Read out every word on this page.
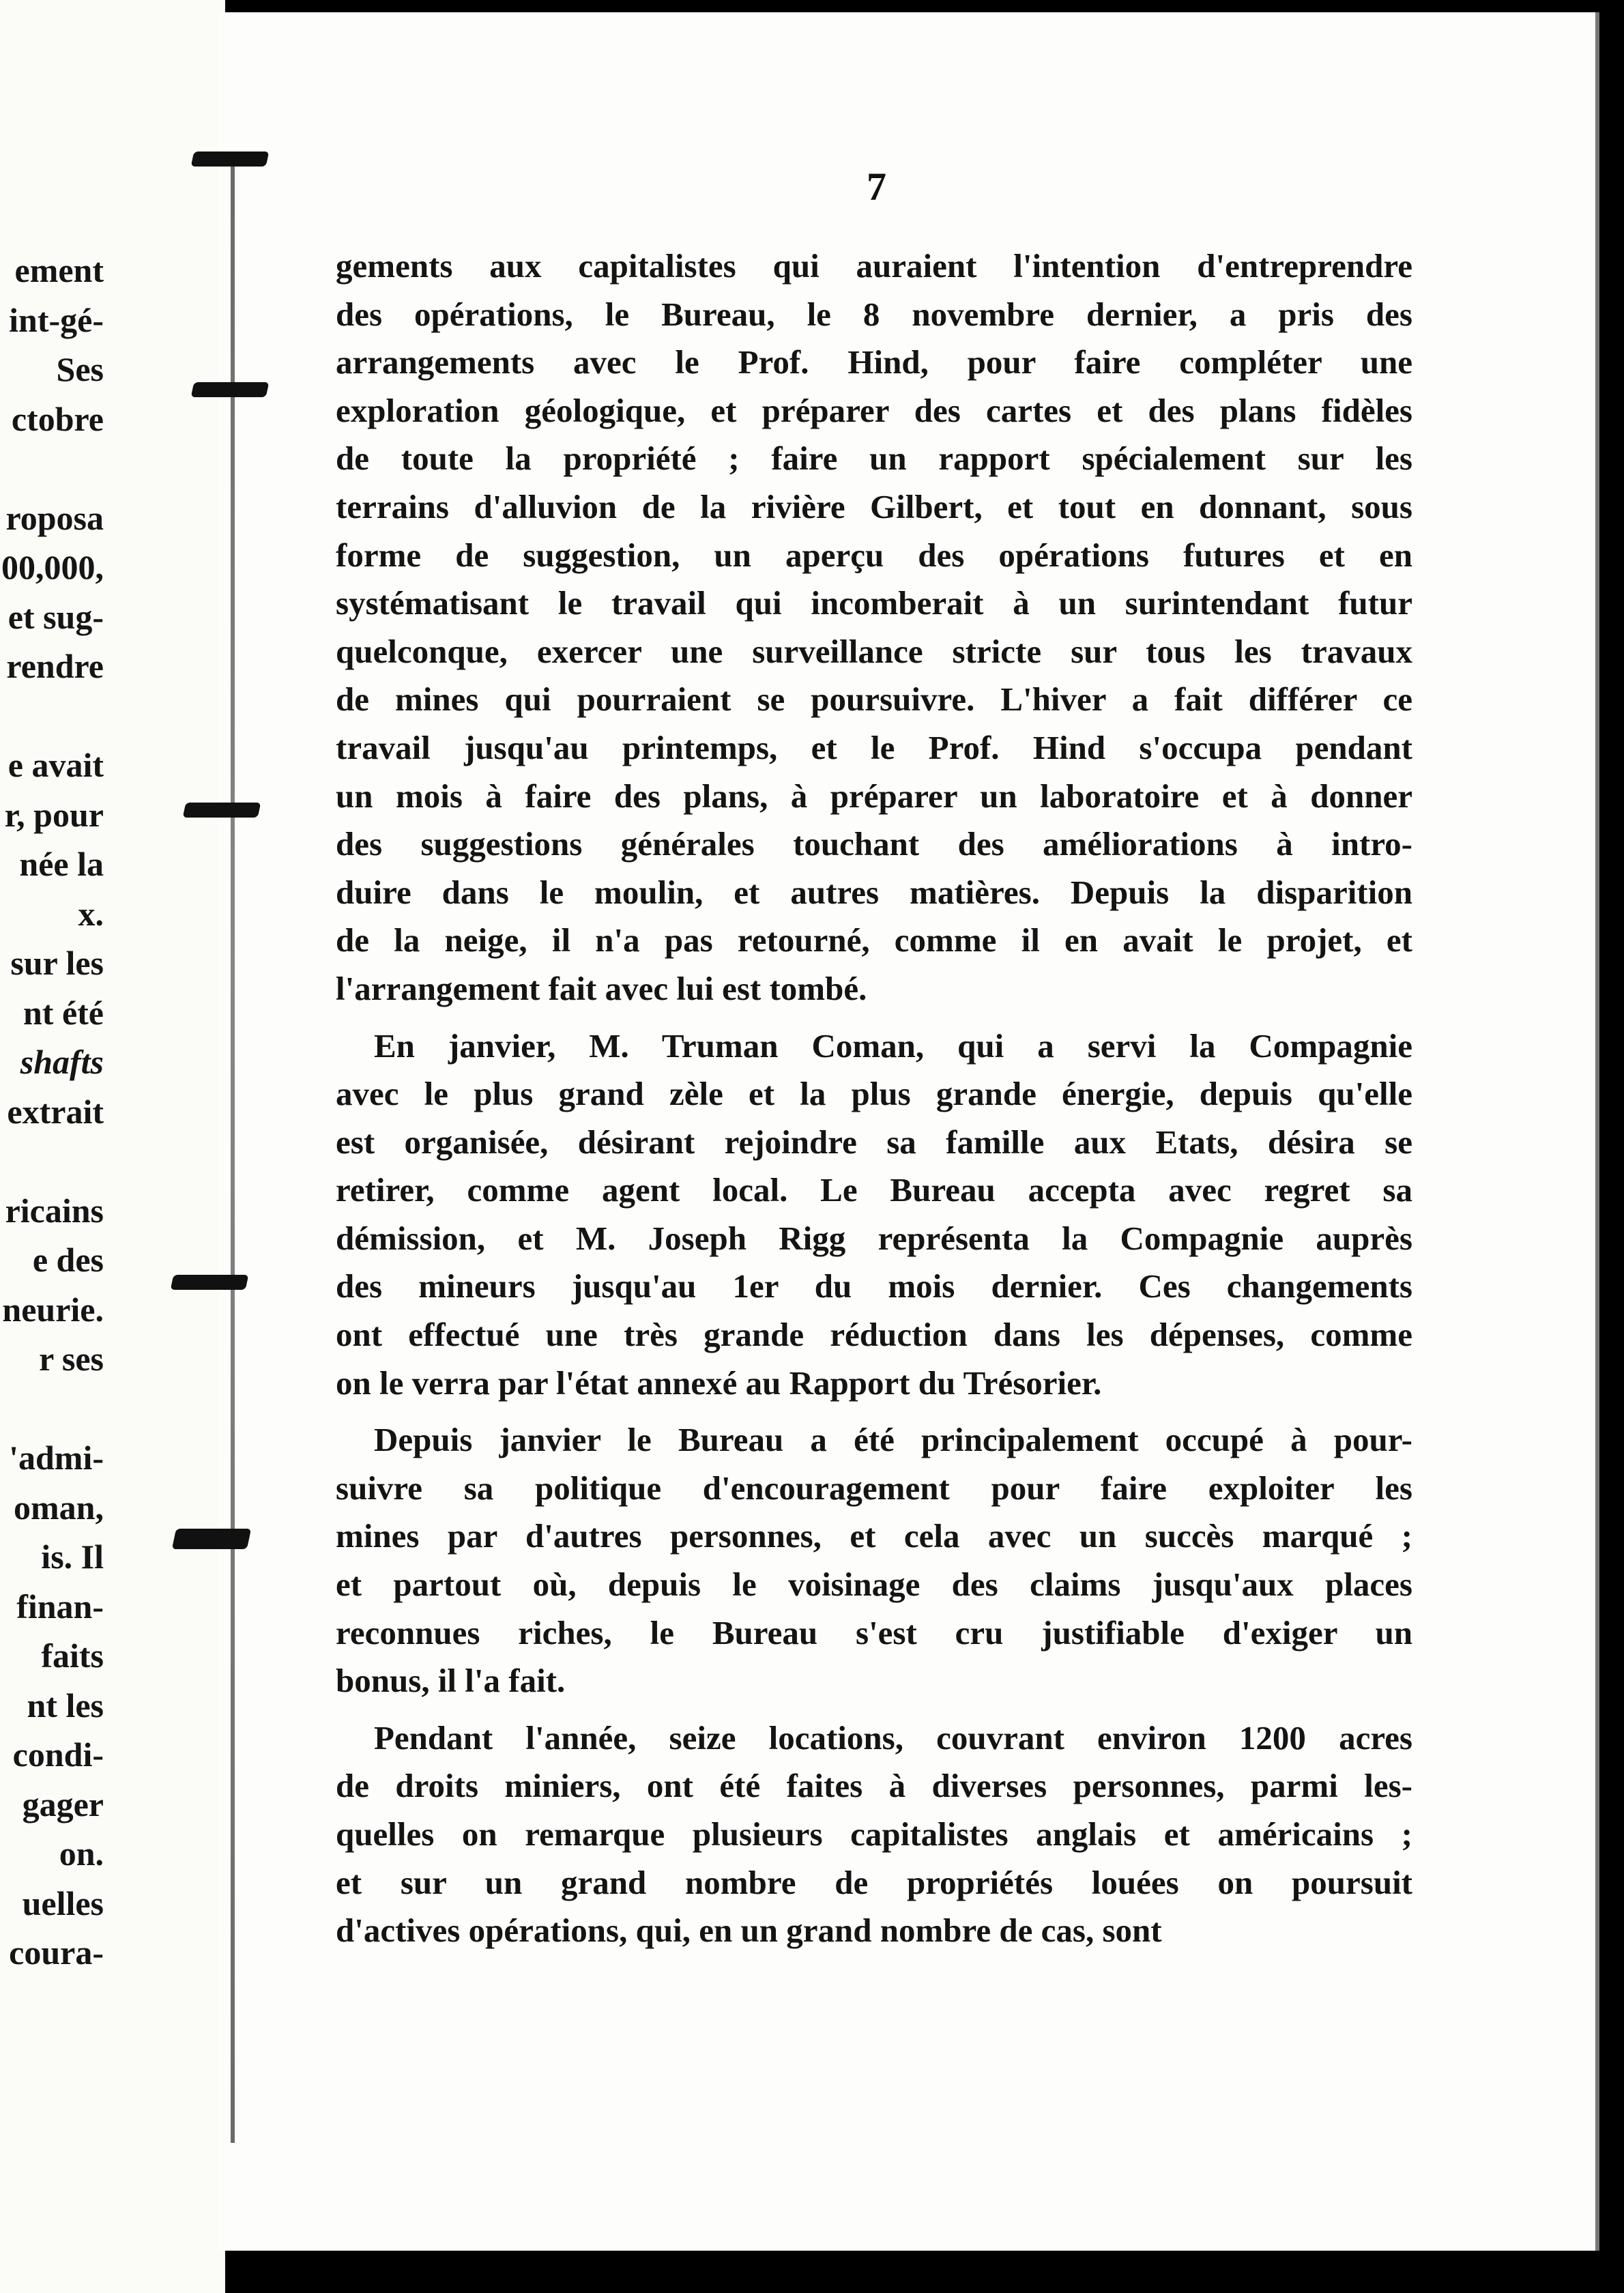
ement
int-gé-
Ses
ctobre
roposa
00,000,
et sug-
rendre
e avait
r, pour
née la
x.
sur les
nt été
shafts
extrait
ricains
e des
neurie.
r ses
'admi-
oman,
is. Il
finan-
faits
nt les
condi-
gager
on.
uelles
coura-
7
gements aux capitalistes qui auraient l'intention d'entreprendre
des opérations, le Bureau, le 8 novembre dernier, a pris des
arrangements avec le Prof. Hind, pour faire compléter une
exploration géologique, et préparer des cartes et des plans fidèles
de toute la propriété ; faire un rapport spécialement sur les
terrains d'alluvion de la rivière Gilbert, et tout en donnant, sous
forme de suggestion, un aperçu des opérations futures et en
systématisant le travail qui incomberait à un surintendant futur
quelconque, exercer une surveillance stricte sur tous les travaux
de mines qui pourraient se poursuivre. L'hiver a fait différer ce
travail jusqu'au printemps, et le Prof. Hind s'occupa pendant
un mois à faire des plans, à préparer un laboratoire et à donner
des suggestions générales touchant des améliorations à intro-
duire dans le moulin, et autres matières. Depuis la disparition
de la neige, il n'a pas retourné, comme il en avait le projet, et
l'arrangement fait avec lui est tombé.
En janvier, M. Truman Coman, qui a servi la Compagnie
avec le plus grand zèle et la plus grande énergie, depuis qu'elle
est organisée, désirant rejoindre sa famille aux Etats, désira se
retirer, comme agent local. Le Bureau accepta avec regret sa
démission, et M. Joseph Rigg représenta la Compagnie auprès
des mineurs jusqu'au 1er du mois dernier. Ces changements
ont effectué une très grande réduction dans les dépenses, comme
on le verra par l'état annexé au Rapport du Trésorier.
Depuis janvier le Bureau a été principalement occupé à pour-
suivre sa politique d'encouragement pour faire exploiter les
mines par d'autres personnes, et cela avec un succès marqué ;
et partout où, depuis le voisinage des claims jusqu'aux places
reconnues riches, le Bureau s'est cru justifiable d'exiger un
bonus, il l'a fait.
Pendant l'année, seize locations, couvrant environ 1200 acres
de droits miniers, ont été faites à diverses personnes, parmi les-
quelles on remarque plusieurs capitalistes anglais et américains ;
et sur un grand nombre de propriétés louées on poursuit
d'actives opérations, qui, en un grand nombre de cas, sont
